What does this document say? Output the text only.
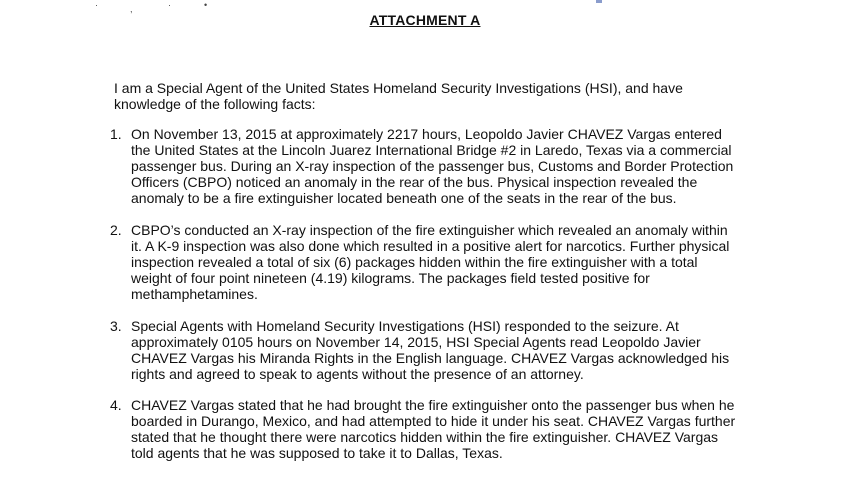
·	,	·	•
ATTACHMENT A
I am a Special Agent of the United States Homeland Security Investigations (HSI), and have knowledge of the following facts:
1. On November 13, 2015 at approximately 2217 hours, Leopoldo Javier CHAVEZ Vargas entered the United States at the Lincoln Juarez International Bridge #2 in Laredo, Texas via a commercial passenger bus. During an X-ray inspection of the passenger bus, Customs and Border Protection Officers (CBPO) noticed an anomaly in the rear of the bus. Physical inspection revealed the anomaly to be a fire extinguisher located beneath one of the seats in the rear of the bus.
2. CBPO’s conducted an X-ray inspection of the fire extinguisher which revealed an anomaly within it. A K-9 inspection was also done which resulted in a positive alert for narcotics. Further physical inspection revealed a total of six (6) packages hidden within the fire extinguisher with a total weight of four point nineteen (4.19) kilograms. The packages field tested positive for methamphetamines.
3. Special Agents with Homeland Security Investigations (HSI) responded to the seizure. At approximately 0105 hours on November 14, 2015, HSI Special Agents read Leopoldo Javier CHAVEZ Vargas his Miranda Rights in the English language. CHAVEZ Vargas acknowledged his rights and agreed to speak to agents without the presence of an attorney.
4. CHAVEZ Vargas stated that he had brought the fire extinguisher onto the passenger bus when he boarded in Durango, Mexico, and had attempted to hide it under his seat. CHAVEZ Vargas further stated that he thought there were narcotics hidden within the fire extinguisher. CHAVEZ Vargas told agents that he was supposed to take it to Dallas, Texas.
